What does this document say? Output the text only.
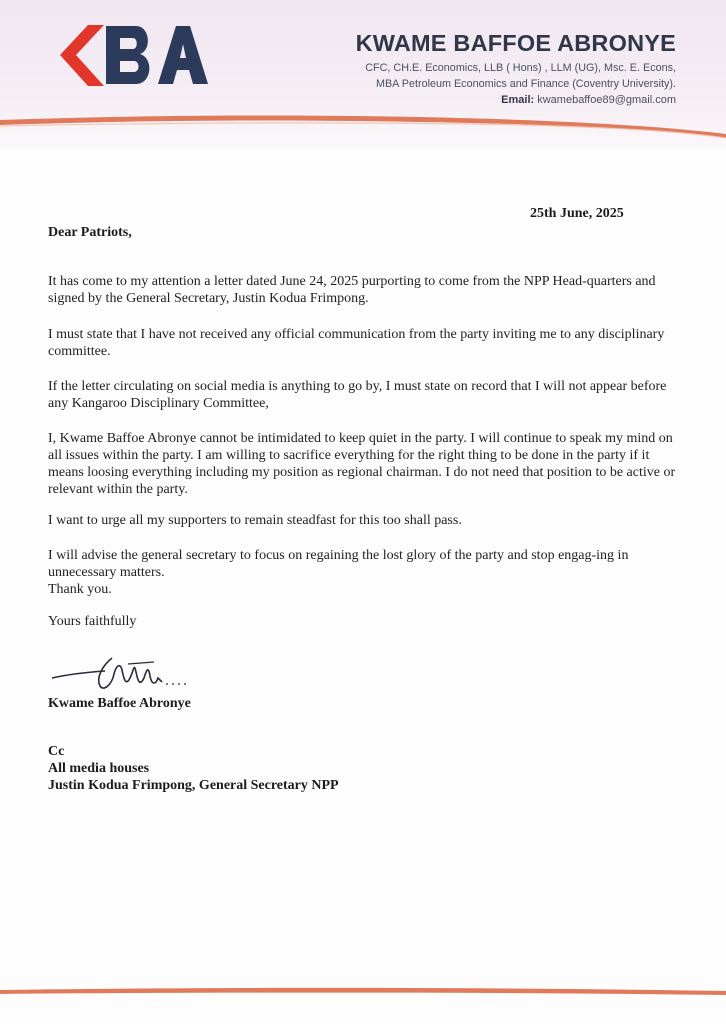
KWAME BAFFOE ABRONYE
CFC, CH.E. Economics, LLB ( Hons) , LLM (UG), Msc. E. Econs,
MBA Petroleum Economics and Finance (Coventry University).
Email: kwamebaffoe89@gmail.com
25th June, 2025
Dear Patriots,

It has come to my attention a letter dated June 24, 2025 purporting to come from the NPP Head-quarters and signed by the General Secretary, Justin Kodua Frimpong.

I must state that I have not received any official communication from the party inviting me to any disciplinary committee.

If the letter circulating on social media is anything to go by, I must state on record that I will not appear before any Kangaroo Disciplinary Committee,

I, Kwame Baffoe Abronye cannot be intimidated to keep quiet in the party. I will continue to speak my mind on all issues within the party. I am willing to sacrifice everything for the right thing to be done in the party if it means loosing everything including my position as regional chairman. I do not need that position to be active or relevant within the party.

I want to urge all my supporters to remain steadfast for this too shall pass.

I will advise the general secretary to focus on regaining the lost glory of the party and stop engag-ing in unnecessary matters.

Thank you.

Yours faithfully

Kwame Baffoe Abronye
Cc
All media houses
Justin Kodua Frimpong, General Secretary NPP
